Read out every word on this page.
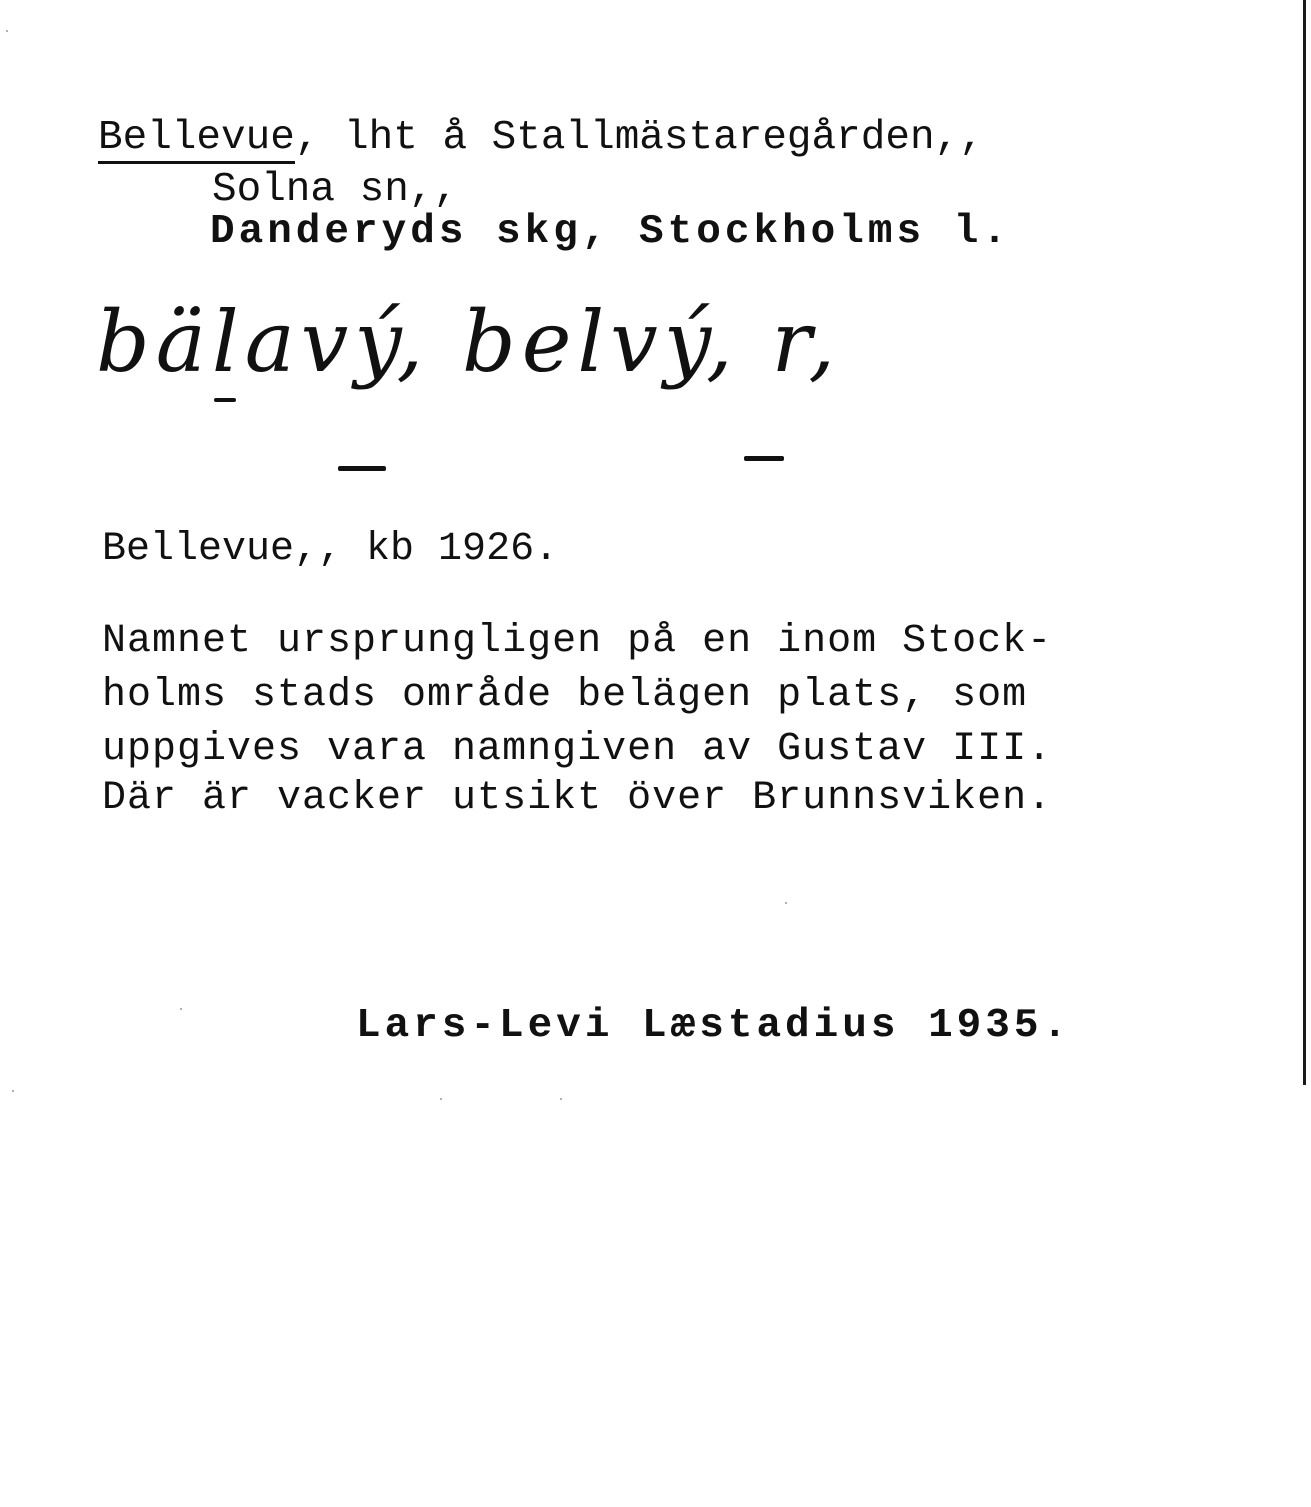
Bellevue, lht å Stallmästaregården,,
Solna sn,,
Danderyds skg, Stockholms l.
bälavý, belvý, r,
Bellevue,, kb 1926.
Namnet ursprungligen på en inom Stock-
holms stads område belägen plats, som
uppgives vara namngiven av Gustav III.
Där är vacker utsikt över Brunnsviken.
Lars-Levi Læstadius 1935.
